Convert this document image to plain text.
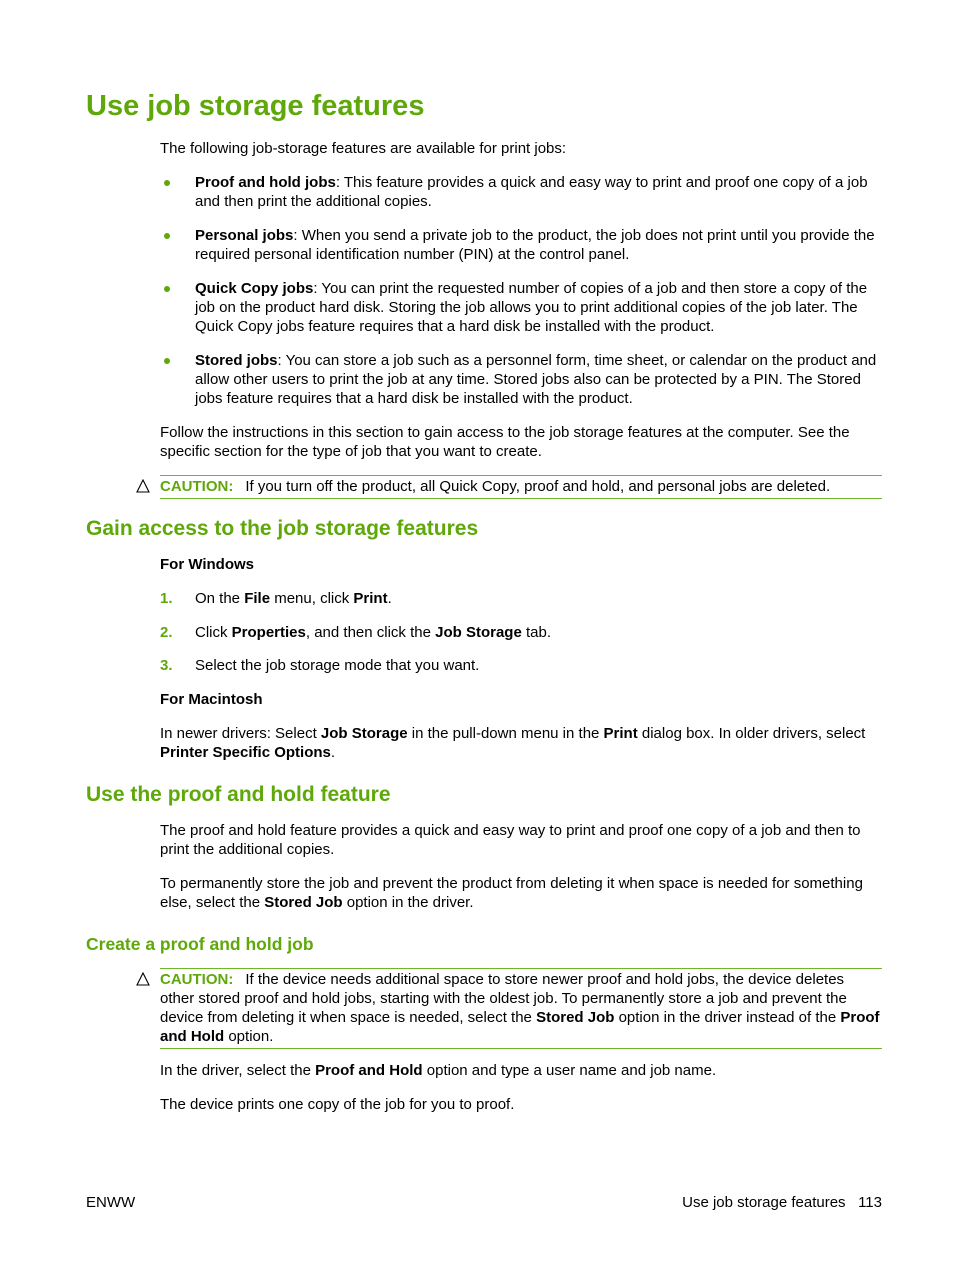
Use job storage features

The following job-storage features are available for print jobs:

Proof and hold jobs: This feature provides a quick and easy way to print and proof one copy of a job and then print the additional copies.

Personal jobs: When you send a private job to the product, the job does not print until you provide the required personal identification number (PIN) at the control panel.

Quick Copy jobs: You can print the requested number of copies of a job and then store a copy of the job on the product hard disk. Storing the job allows you to print additional copies of the job later. The Quick Copy jobs feature requires that a hard disk be installed with the product.

Stored jobs: You can store a job such as a personnel form, time sheet, or calendar on the product and allow other users to print the job at any time. Stored jobs also can be protected by a PIN. The Stored jobs feature requires that a hard disk be installed with the product.

Follow the instructions in this section to gain access to the job storage features at the computer. See the specific section for the type of job that you want to create.

CAUTION: If you turn off the product, all Quick Copy, proof and hold, and personal jobs are deleted.
Gain access to the job storage features

For Windows

1. On the File menu, click Print.

2. Click Properties, and then click the Job Storage tab.

3. Select the job storage mode that you want.

For Macintosh

In newer drivers: Select Job Storage in the pull-down menu in the Print dialog box. In older drivers, select Printer Specific Options.

Use the proof and hold feature

The proof and hold feature provides a quick and easy way to print and proof one copy of a job and then to print the additional copies.

To permanently store the job and prevent the product from deleting it when space is needed for something else, select the Stored Job option in the driver.

Create a proof and hold job
CAUTION: If the device needs additional space to store newer proof and hold jobs, the device deletes other stored proof and hold jobs, starting with the oldest job. To permanently store a job and prevent the device from deleting it when space is needed, select the Stored Job option in the driver instead of the Proof and Hold option.

In the driver, select the Proof and Hold option and type a user name and job name.

The device prints one copy of the job for you to proof.

ENWW	Use job storage features 113
